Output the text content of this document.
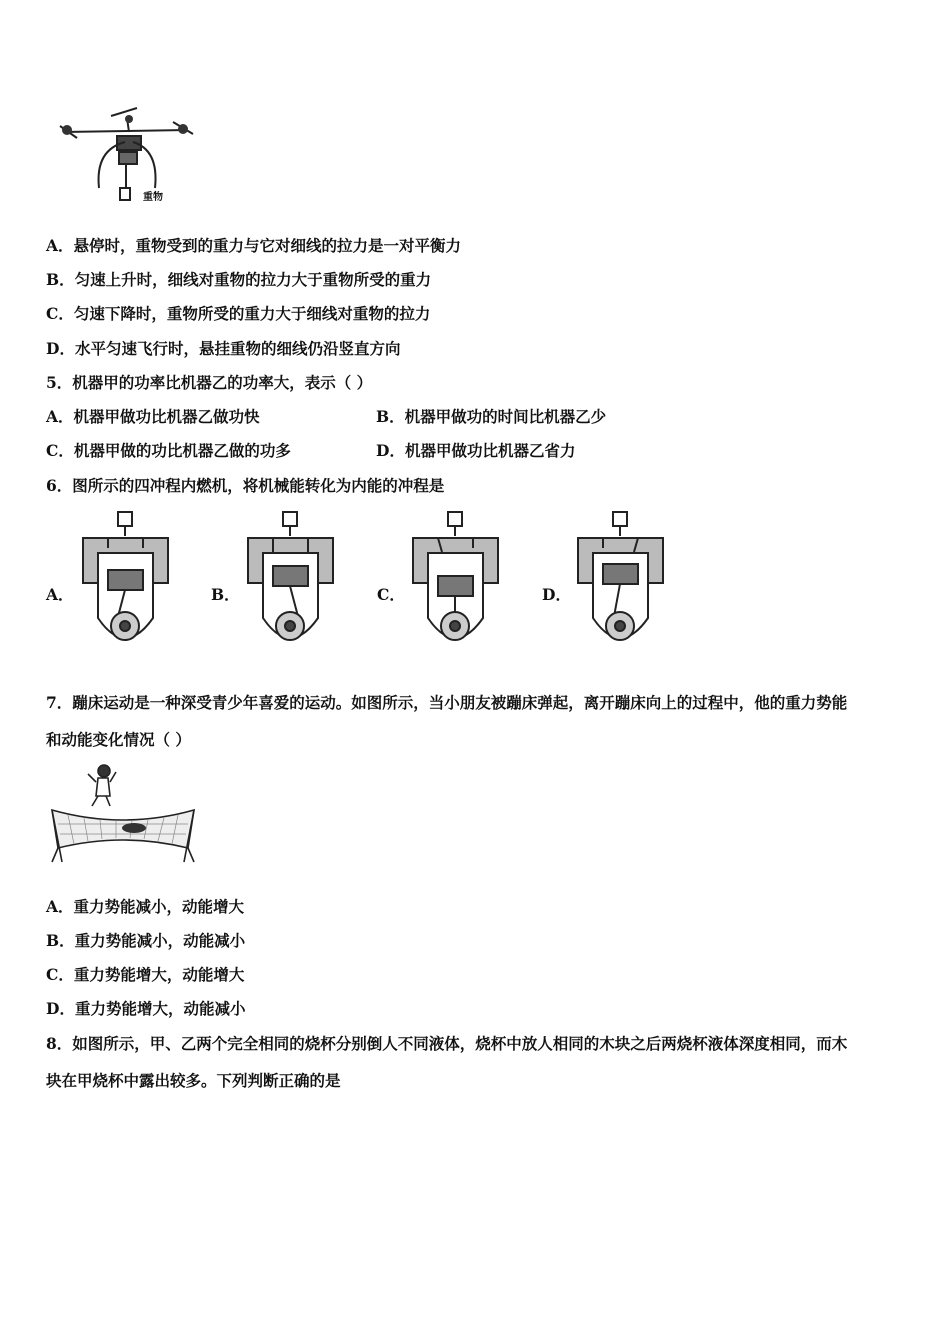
重物
A．悬停时，重物受到的重力与它对细线的拉力是一对平衡力
B．匀速上升时，细线对重物的拉力大于重物所受的重力
C．匀速下降时，重物所受的重力大于细线对重物的拉力
D．水平匀速飞行时，悬挂重物的细线仍沿竖直方向
5．机器甲的功率比机器乙的功率大，表示（ ）
A．机器甲做功比机器乙做功快	B．机器甲做功的时间比机器乙少
C．机器甲做的功比机器乙做的功多	D．机器甲做功比机器乙省力
6．图所示的四冲程内燃机，将机械能转化为内能的冲程是
A．	B．	C．	D．
7．蹦床运动是一种深受青少年喜爱的运动。如图所示，当小朋友被蹦床弹起，离开蹦床向上的过程中，他的重力势能
和动能变化情况（ ）
A．重力势能减小，动能增大
B．重力势能减小，动能减小
C．重力势能增大，动能增大
D．重力势能增大，动能减小
8．如图所示，甲、乙两个完全相同的烧杯分别倒人不同液体，烧杯中放人相同的木块之后两烧杯液体深度相同，而木
块在甲烧杯中露出较多。下列判断正确的是
